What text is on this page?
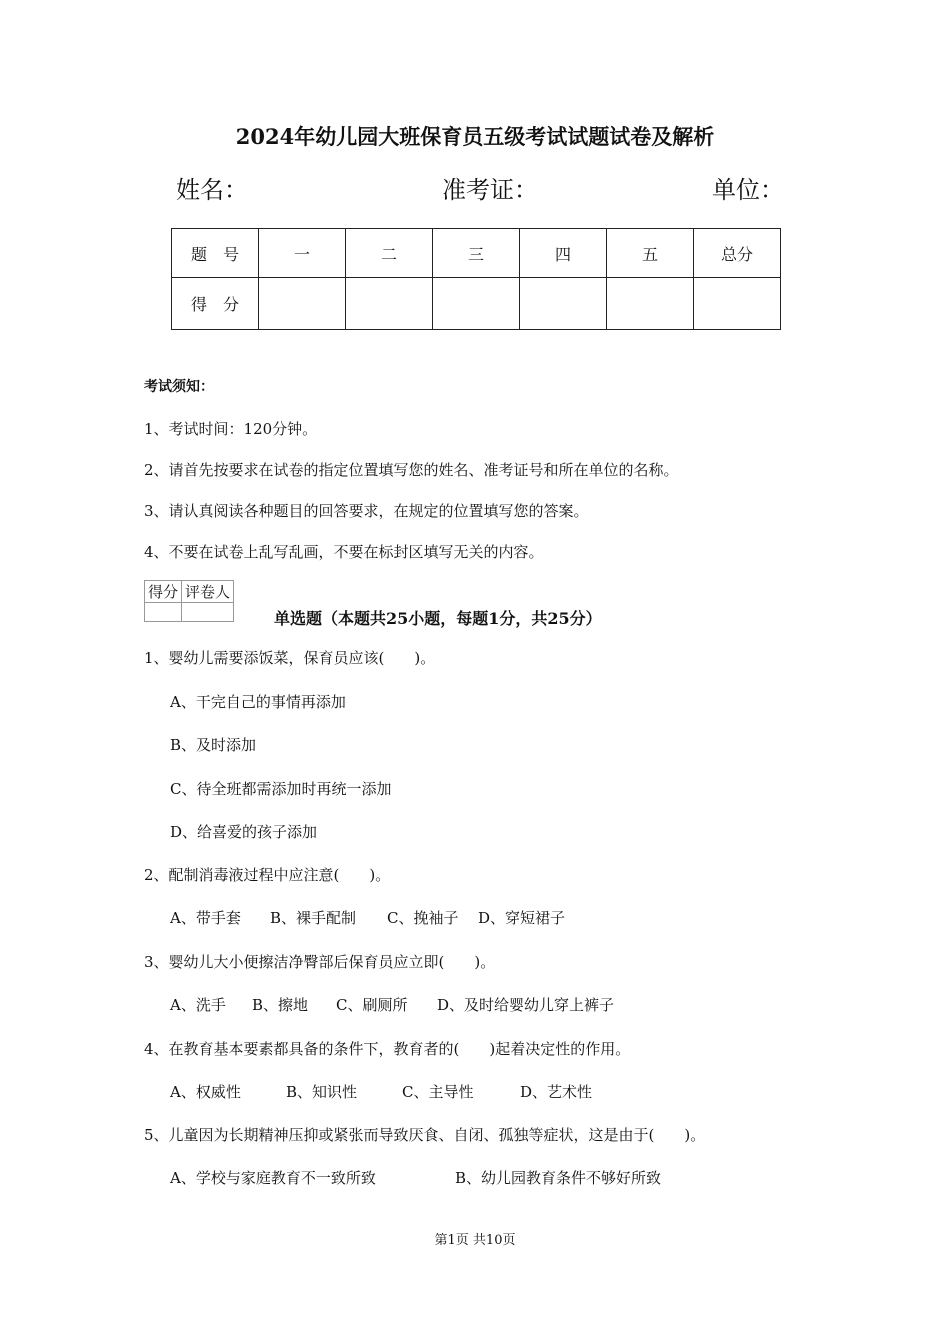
2024年幼儿园大班保育员五级考试试题试卷及解析
姓名：	准考证：	单位：
题　号	一	二	三	四	五	总分
得　分						
考试须知：
1、考试时间：120分钟。
2、请首先按要求在试卷的指定位置填写您的姓名、准考证号和所在单位的名称。
3、请认真阅读各种题目的回答要求，在规定的位置填写您的答案。
4、不要在试卷上乱写乱画，不要在标封区填写无关的内容。
得分	评卷人

单选题（本题共25小题，每题1分，共25分）
1、婴幼儿需要添饭菜，保育员应该(　　)。
A、干完自己的事情再添加
B、及时添加
C、待全班都需添加时再统一添加
D、给喜爱的孩子添加
2、配制消毒液过程中应注意(　　)。
A、带手套 B、裸手配制 C、挽袖子 D、穿短裙子
3、婴幼儿大小便擦洁净臀部后保育员应立即(　　)。
A、洗手 B、擦地 C、刷厕所 D、及时给婴幼儿穿上裤子
4、在教育基本要素都具备的条件下，教育者的(　　)起着决定性的作用。
A、权威性	B、知识性	C、主导性	D、艺术性
5、儿童因为长期精神压抑或紧张而导致厌食、自闭、孤独等症状，这是由于(　　)。
A、学校与家庭教育不一致所致	B、幼儿园教育条件不够好所致
第1页 共10页
